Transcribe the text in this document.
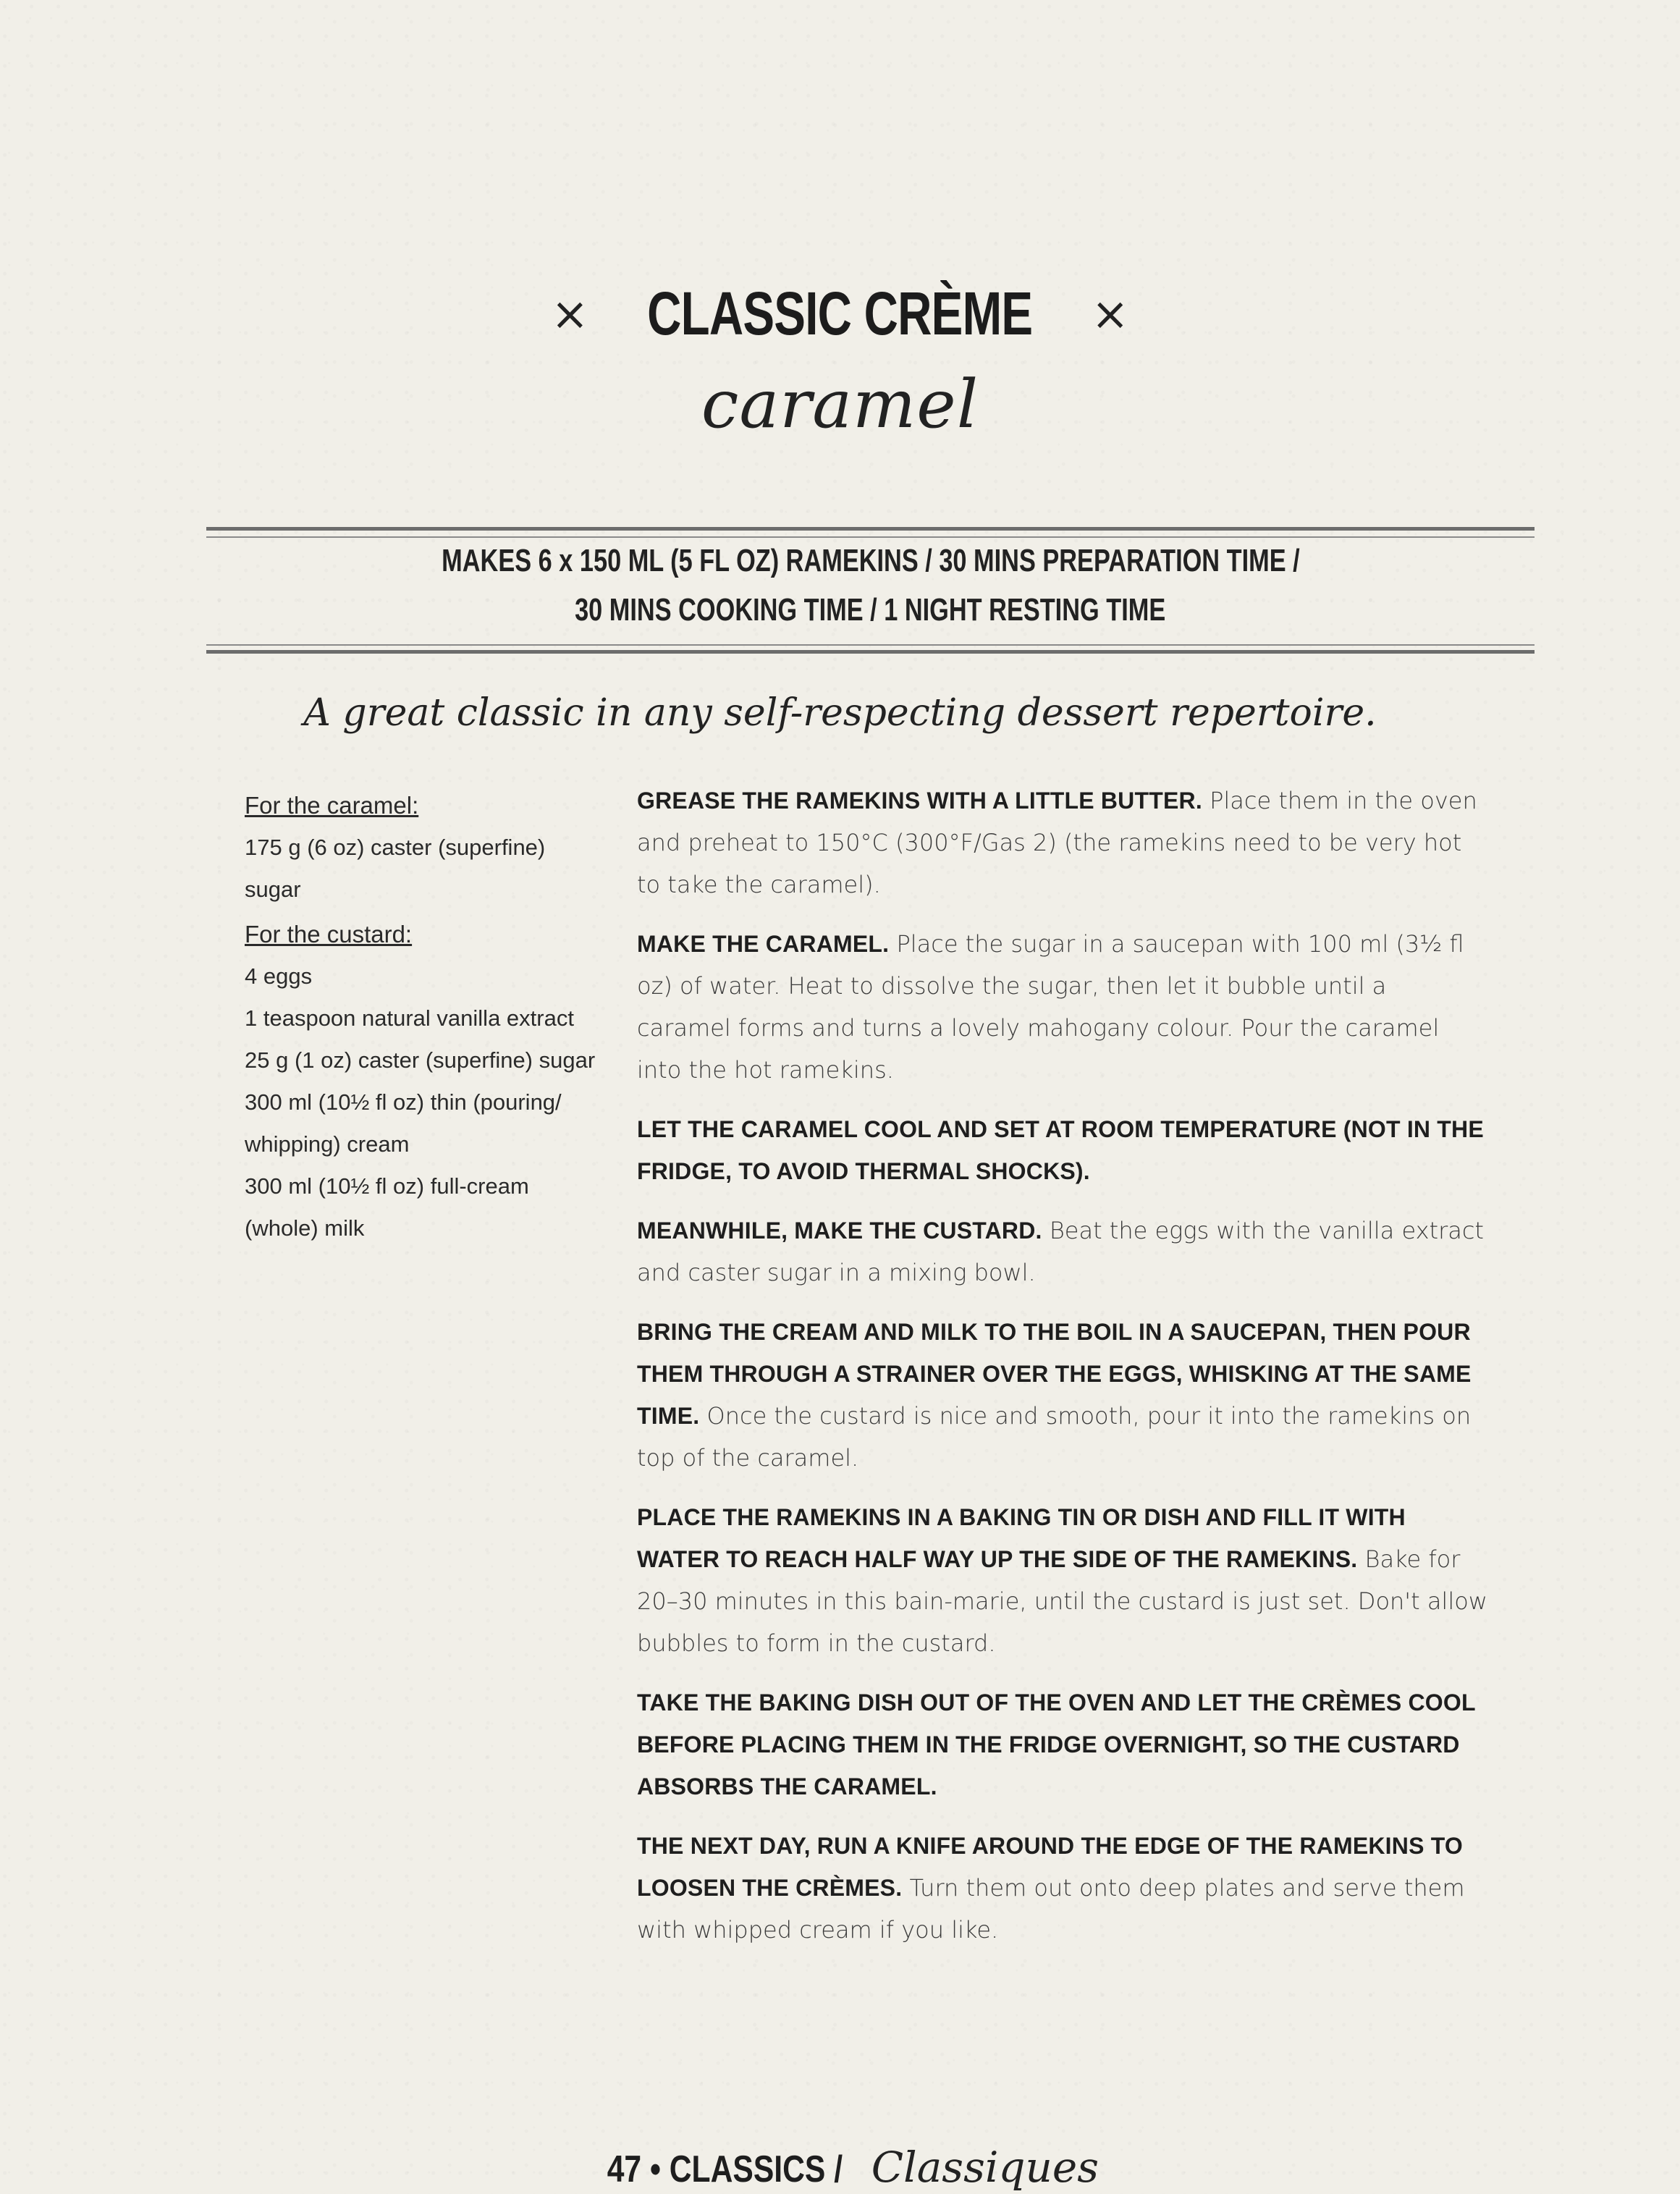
× CLASSIC CRÈME ×
caramel
MAKES 6 x 150 ML (5 FL OZ) RAMEKINS / 30 MINS PREPARATION TIME /
30 MINS COOKING TIME / 1 NIGHT RESTING TIME
A great classic in any self-respecting dessert repertoire.
For the caramel:
175 g (6 oz) caster (superfine)
sugar
For the custard:
4 eggs
1 teaspoon natural vanilla extract
25 g (1 oz) caster (superfine) sugar
300 ml (10½ fl oz) thin (pouring/
whipping) cream
300 ml (10½ fl oz) full-cream
(whole) milk

GREASE THE RAMEKINS WITH A LITTLE BUTTER. Place them in the oven and preheat to 150°C (300°F/Gas 2) (the ramekins need to be very hot to take the caramel).

MAKE THE CARAMEL. Place the sugar in a saucepan with 100 ml (3½ fl oz) of water. Heat to dissolve the sugar, then let it bubble until a caramel forms and turns a lovely mahogany colour. Pour the caramel into the hot ramekins.

LET THE CARAMEL COOL AND SET AT ROOM TEMPERATURE (NOT IN THE FRIDGE, TO AVOID THERMAL SHOCKS).

MEANWHILE, MAKE THE CUSTARD. Beat the eggs with the vanilla extract and caster sugar in a mixing bowl.

BRING THE CREAM AND MILK TO THE BOIL IN A SAUCEPAN, THEN POUR THEM THROUGH A STRAINER OVER THE EGGS, WHISKING AT THE SAME TIME. Once the custard is nice and smooth, pour it into the ramekins on top of the caramel.

PLACE THE RAMEKINS IN A BAKING TIN OR DISH AND FILL IT WITH WATER TO REACH HALF WAY UP THE SIDE OF THE RAMEKINS. Bake for 20–30 minutes in this bain-marie, until the custard is just set. Don't allow bubbles to form in the custard.

TAKE THE BAKING DISH OUT OF THE OVEN AND LET THE CRÈMES COOL BEFORE PLACING THEM IN THE FRIDGE OVERNIGHT, SO THE CUSTARD ABSORBS THE CARAMEL.

THE NEXT DAY, RUN A KNIFE AROUND THE EDGE OF THE RAMEKINS TO LOOSEN THE CRÈMES. Turn them out onto deep plates and serve them with whipped cream if you like.

47 • CLASSICS / Classiques
